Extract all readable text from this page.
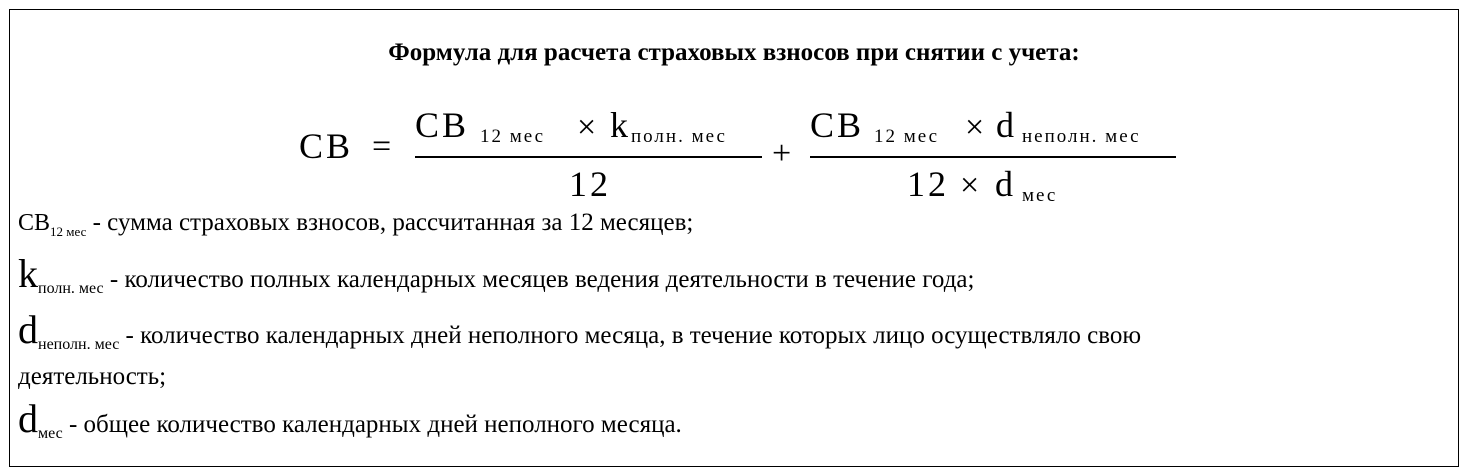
Формула для расчета страховых взносов при снятии с учета:
СВ =
СВ 12 мес × k полн. мес
12
+
СВ 12 мес × d неполн. мес
12 × d мес
$СВ_{12 мес}$ - сумма страховых взносов, рассчитанная за 12 месяцев;
$k_{полн. мес}$ - количество полных календарных месяцев ведения деятельности в течение года;
$d_{неполн. мес}$ - количество календарных дней неполного месяца, в течение которых лицо осуществляло свою
деятельность;
$d_{мес}$ - общее количество календарных дней неполного месяца.
